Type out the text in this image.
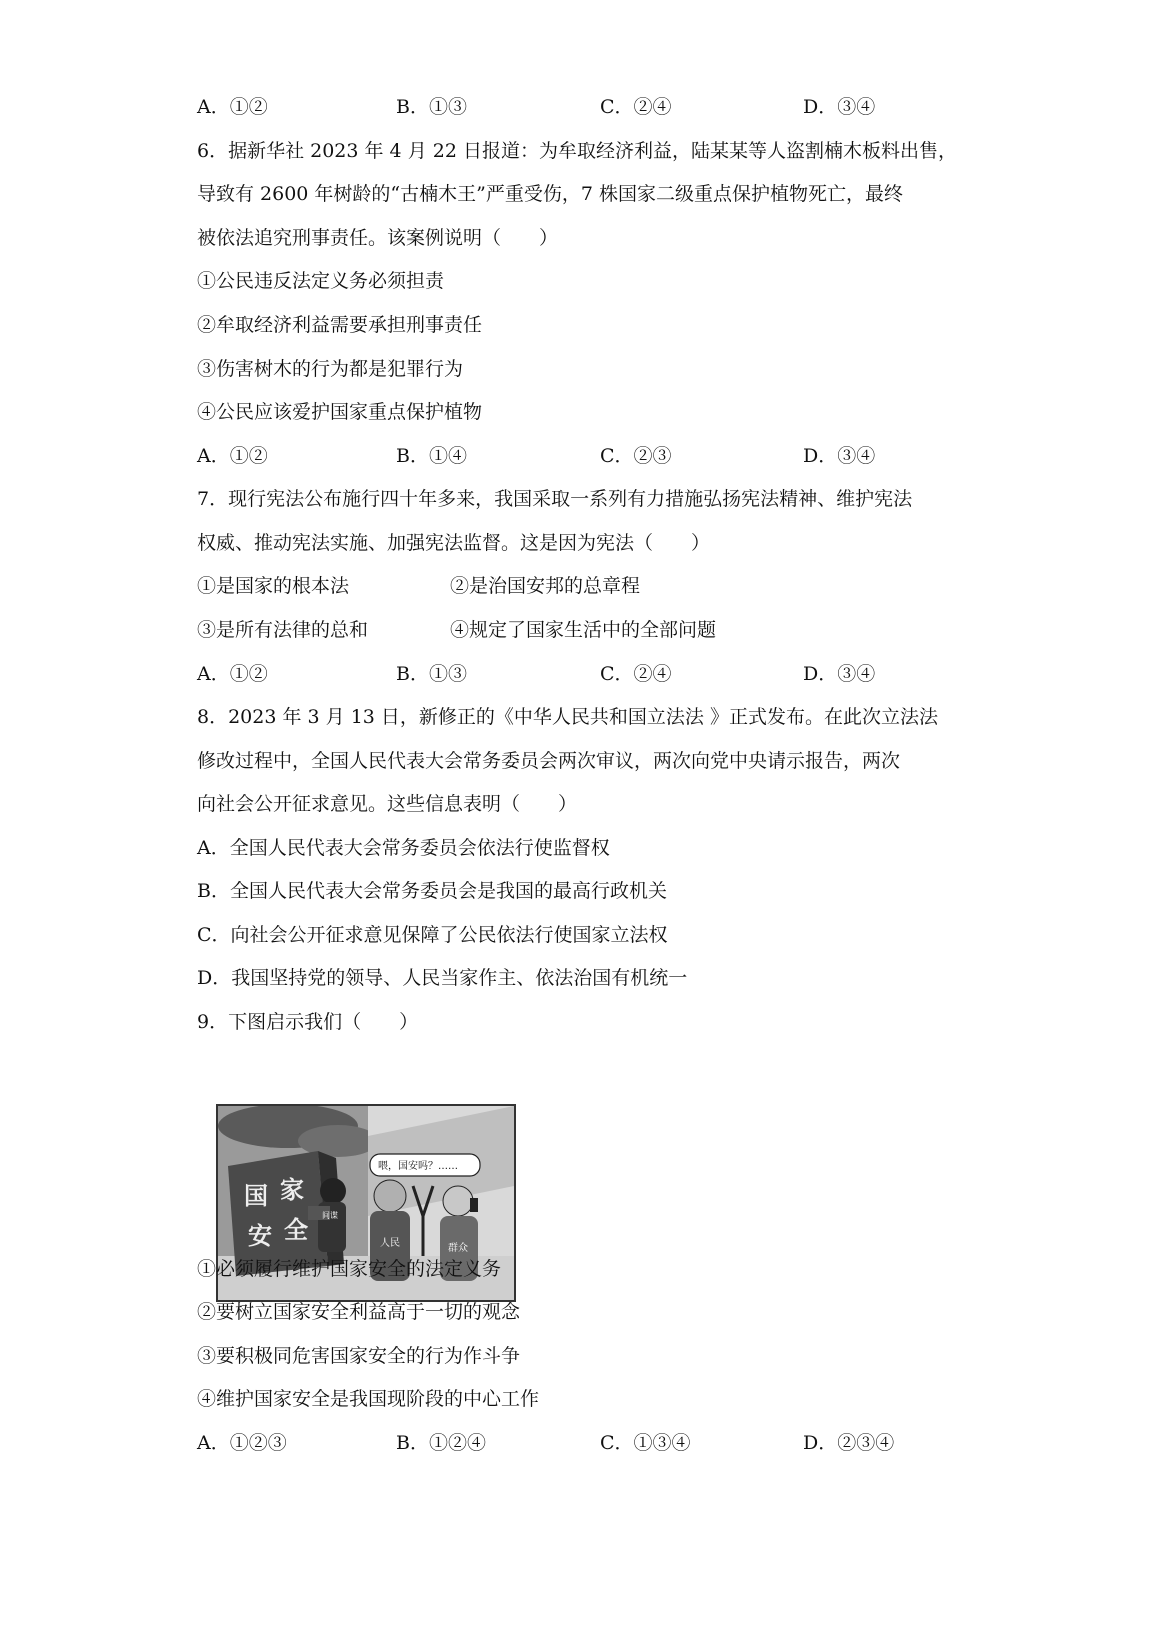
A．①②	B．①③	C．②④	D．③④
6．据新华社 2023 年 4 月 22 日报道：为牟取经济利益，陆某某等人盗割楠木板料出售，
导致有 2600 年树龄的“古楠木王”严重受伤，7 株国家二级重点保护植物死亡，最终
被依法追究刑事责任。该案例说明（　　）
①公民违反法定义务必须担责
②牟取经济利益需要承担刑事责任
③伤害树木的行为都是犯罪行为
④公民应该爱护国家重点保护植物
A．①②	B．①④	C．②③	D．③④
7．现行宪法公布施行四十年多来，我国采取一系列有力措施弘扬宪法精神、维护宪法
权威、推动宪法实施、加强宪法监督。这是因为宪法（　　）
①是国家的根本法	②是治国安邦的总章程
③是所有法律的总和	④规定了国家生活中的全部问题
A．①②	B．①③	C．②④	D．③④
8．2023 年 3 月 13 日，新修正的《中华人民共和国立法法 》正式发布。在此次立法法
修改过程中，全国人民代表大会常务委员会两次审议，两次向党中央请示报告，两次
向社会公开征求意见。这些信息表明（　　）
A．全国人民代表大会常务委员会依法行使监督权
B．全国人民代表大会常务委员会是我国的最高行政机关
C．向社会公开征求意见保障了公民依法行使国家立法权
D．我国坚持党的领导、人民当家作主、依法治国有机统一
9．下图启示我们（　　）
国 家
安 全
间谍
喂，国安吗？……
人民	群众
①必须履行维护国家安全的法定义务
②要树立国家安全利益高于一切的观念
③要积极同危害国家安全的行为作斗争
④维护国家安全是我国现阶段的中心工作
A．①②③	B．①②④	C．①③④	D．②③④
